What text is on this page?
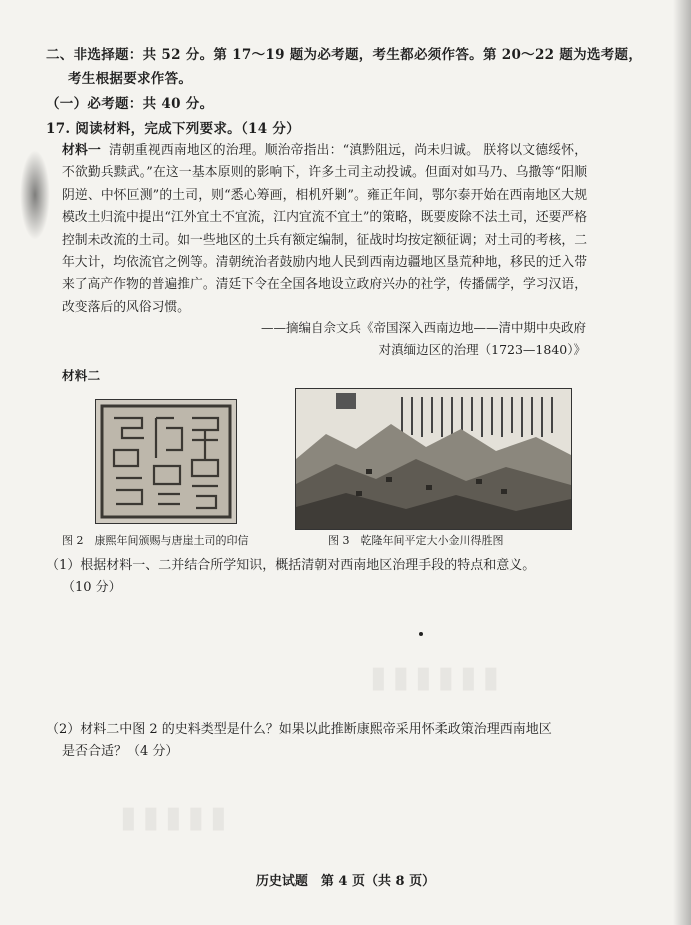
二、非选择题：共 52 分。第 17～19 题为必考题，考生都必须作答。第 20～22 题为选考题，
考生根据要求作答。
（一）必考题：共 40 分。
17. 阅读材料，完成下列要求。（14 分）
材料一 清朝重视西南地区的治理。顺治帝指出：“滇黔阻远，尚未归诚。 朕将以文德绥怀，不欲勤兵黩武。”在这一基本原则的影响下，许多土司主动投诚。但面对如马乃、乌撒等“阳顺阴逆、中怀叵测”的土司，则“悉心筹画，相机歼剿”。雍正年间，鄂尔泰开始在西南地区大规模改土归流中提出“江外宜土不宜流，江内宜流不宜土”的策略，既要废除不法土司，还要严格控制未改流的土司。如一些地区的土兵有额定编制，征战时均按定额征调；对土司的考核，二年大计，均依流官之例等。清朝统治者鼓励内地人民到西南边疆地区垦荒种地，移民的迁入带来了高产作物的普遍推广。清廷下令在全国各地设立政府兴办的社学，传播儒学，学习汉语，改变落后的风俗习惯。
——摘编自佘文兵《帝国深入西南边地——清中期中央政府
对滇缅边区的治理（1723—1840）》
材料二
图 2　康熙年间颁赐与唐崖土司的印信	图 3　乾隆年间平定大小金川得胜图
（1）根据材料一、二并结合所学知识，概括清朝对西南地区治理手段的特点和意义。
（10 分）
▮▮▮▮▮▮
▮▮▮▮▮
（2）材料二中图 2 的史料类型是什么？如果以此推断康熙帝采用怀柔政策治理西南地区
是否合适？（4 分）
历史试题　第 4 页（共 8 页）
